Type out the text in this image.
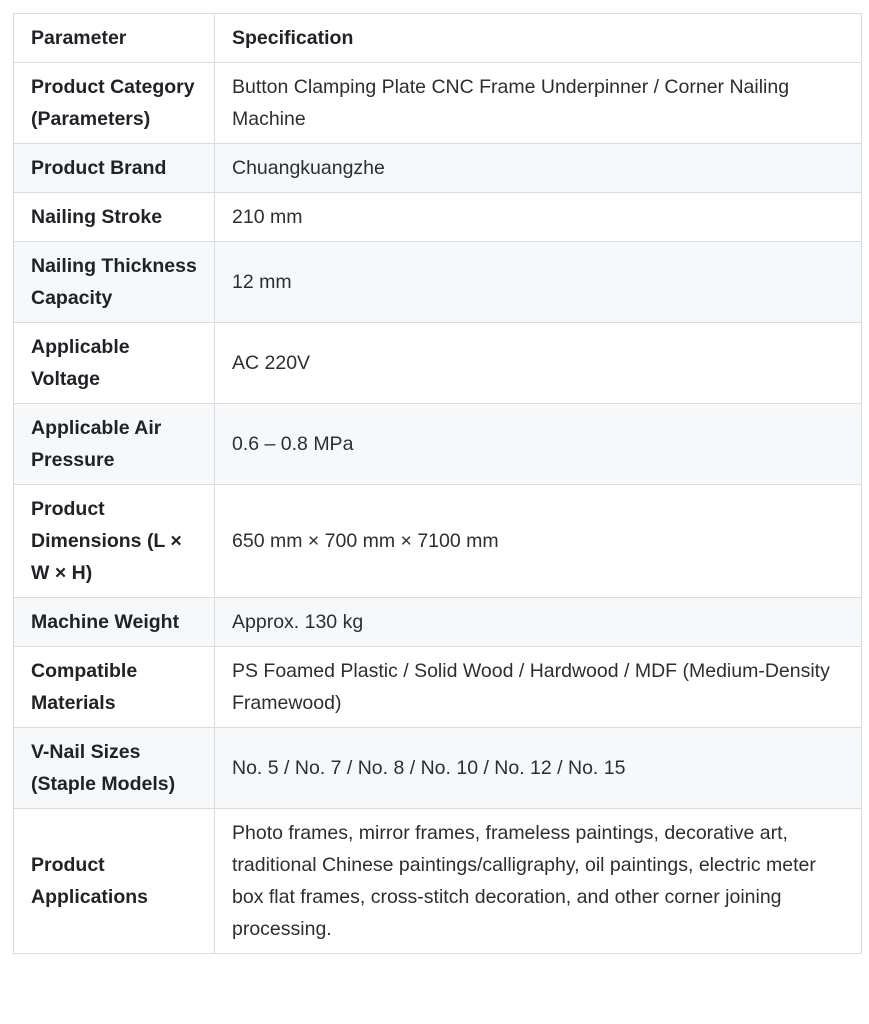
Parameter	Specification
Product Category (Parameters)	Button Clamping Plate CNC Frame Underpinner / Corner Nailing Machine
Product Brand	Chuangkuangzhe
Nailing Stroke	210 mm
Nailing Thickness Capacity	12 mm
Applicable Voltage	AC 220V
Applicable Air Pressure	0.6 – 0.8 MPa
Product Dimensions (L × W × H)	650 mm × 700 mm × 7100 mm
Machine Weight	Approx. 130 kg
Compatible Materials	PS Foamed Plastic / Solid Wood / Hardwood / MDF (Medium-Density Framewood)
V-Nail Sizes (Staple Models)	No. 5 / No. 7 / No. 8 / No. 10 / No. 12 / No. 15
Product Applications	Photo frames, mirror frames, frameless paintings, decorative art, traditional Chinese paintings/calligraphy, oil paintings, electric meter box flat frames, cross-stitch decoration, and other corner joining processing.
